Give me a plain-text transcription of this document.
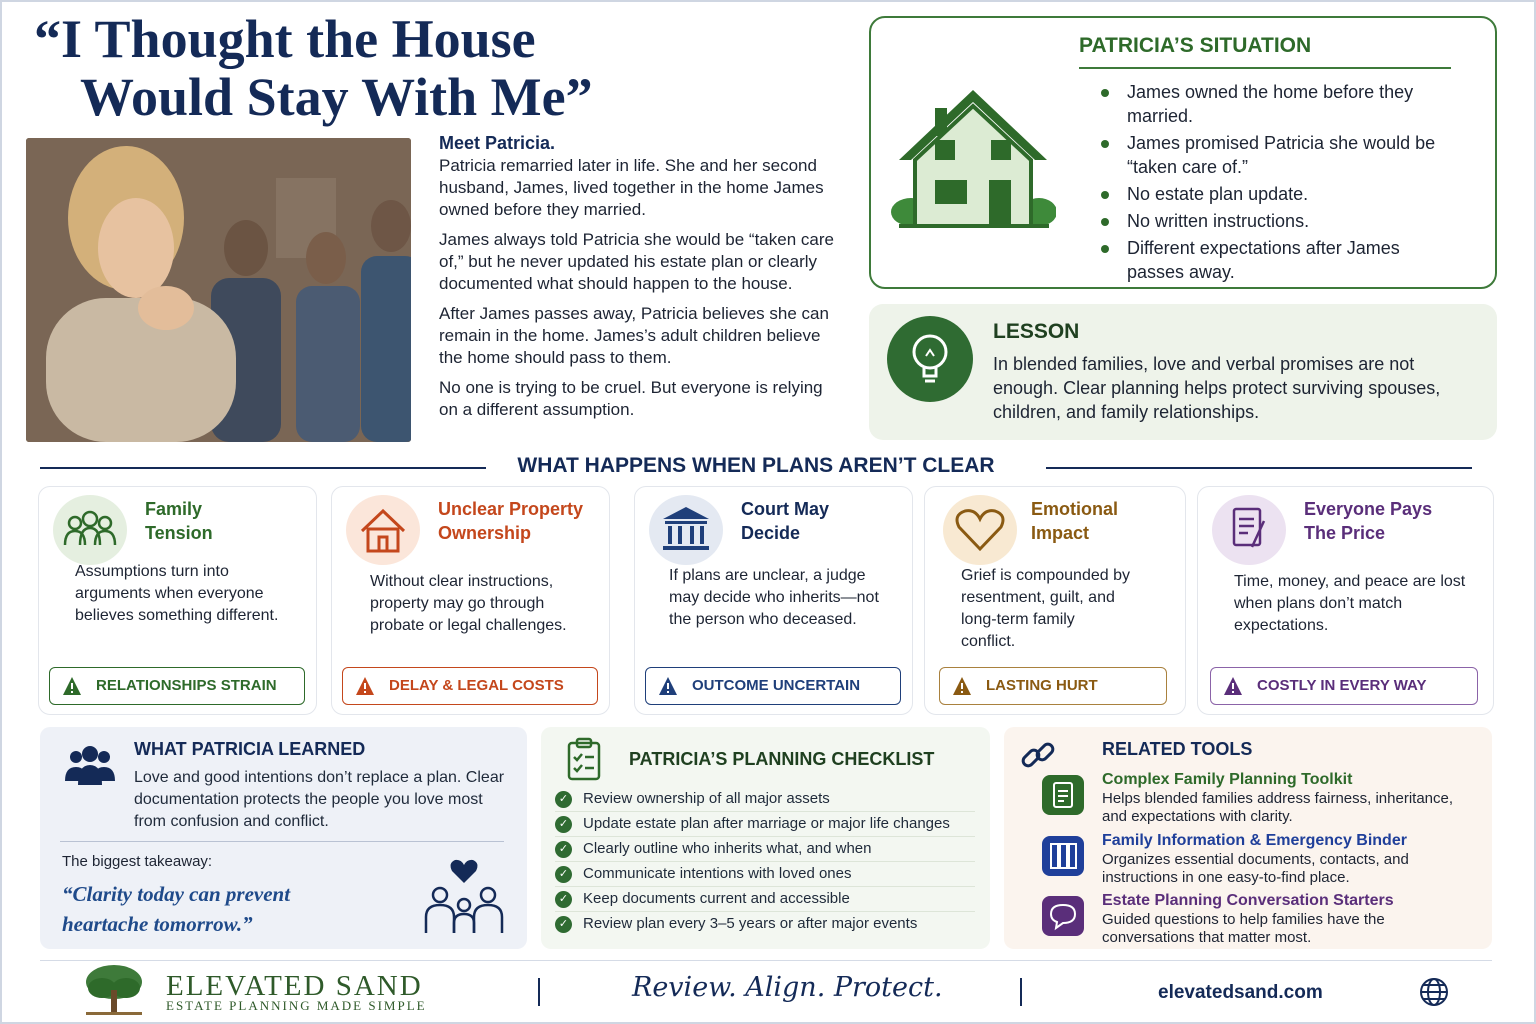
“I Thought the House
Would Stay With Me”

Meet Patricia.
Patricia remarried later in life. She and her second husband, James, lived together in the home James owned before they married.

James always told Patricia she would be “taken care of,” but he never updated his estate plan or clearly documented what should happen to the house.

After James passes away, Patricia believes she can remain in the home. James’s adult children believe the home should pass to them.

No one is trying to be cruel. But everyone is relying on a different assumption.

PATRICIA’S SITUATION
James owned the home before they married.
James promised Patricia she would be “taken care of.”
No estate plan update.
No written instructions.
Different expectations after James passes away.
LESSON

In blended families, love and verbal promises are not enough. Clear planning helps protect surviving spouses, children, and family relationships.

WHAT HAPPENS WHEN PLANS AREN’T CLEAR
Family Tension
Assumptions turn into arguments when everyone believes something different.
RELATIONSHIPS STRAIN
Unclear Property Ownership
Without clear instructions, property may go through probate or legal challenges.
DELAY & LEGAL COSTS
Court May Decide
If plans are unclear, a judge may decide who inherits—not the person who deceased.
OUTCOME UNCERTAIN
Emotional Impact
Grief is compounded by resentment, guilt, and long-term family conflict.
LASTING HURT
Everyone Pays The Price
Time, money, and peace are lost when plans don’t match expectations.
COSTLY IN EVERY WAY
WHAT PATRICIA LEARNED
Love and good intentions don’t replace a plan. Clear documentation protects the people you love most from confusion and conflict.
The biggest takeaway:
“Clarity today can prevent heartache tomorrow.”
PATRICIA’S PLANNING CHECKLIST
✓ Review ownership of all major assets
✓ Update estate plan after marriage or major life changes
✓ Clearly outline who inherits what, and when
✓ Communicate intentions with loved ones
✓ Keep documents current and accessible
✓ Review plan every 3–5 years or after major events
RELATED TOOLS
Complex Family Planning Toolkit
Helps blended families address fairness, inheritance, and expectations with clarity.
Family Information & Emergency Binder
Organizes essential documents, contacts, and instructions in one easy-to-find place.
Estate Planning Conversation Starters
Guided questions to help families have the conversations that matter most.
ELEVATED SAND
ESTATE PLANNING MADE SIMPLE
Review. Align. Protect.	elevatedsand.com
